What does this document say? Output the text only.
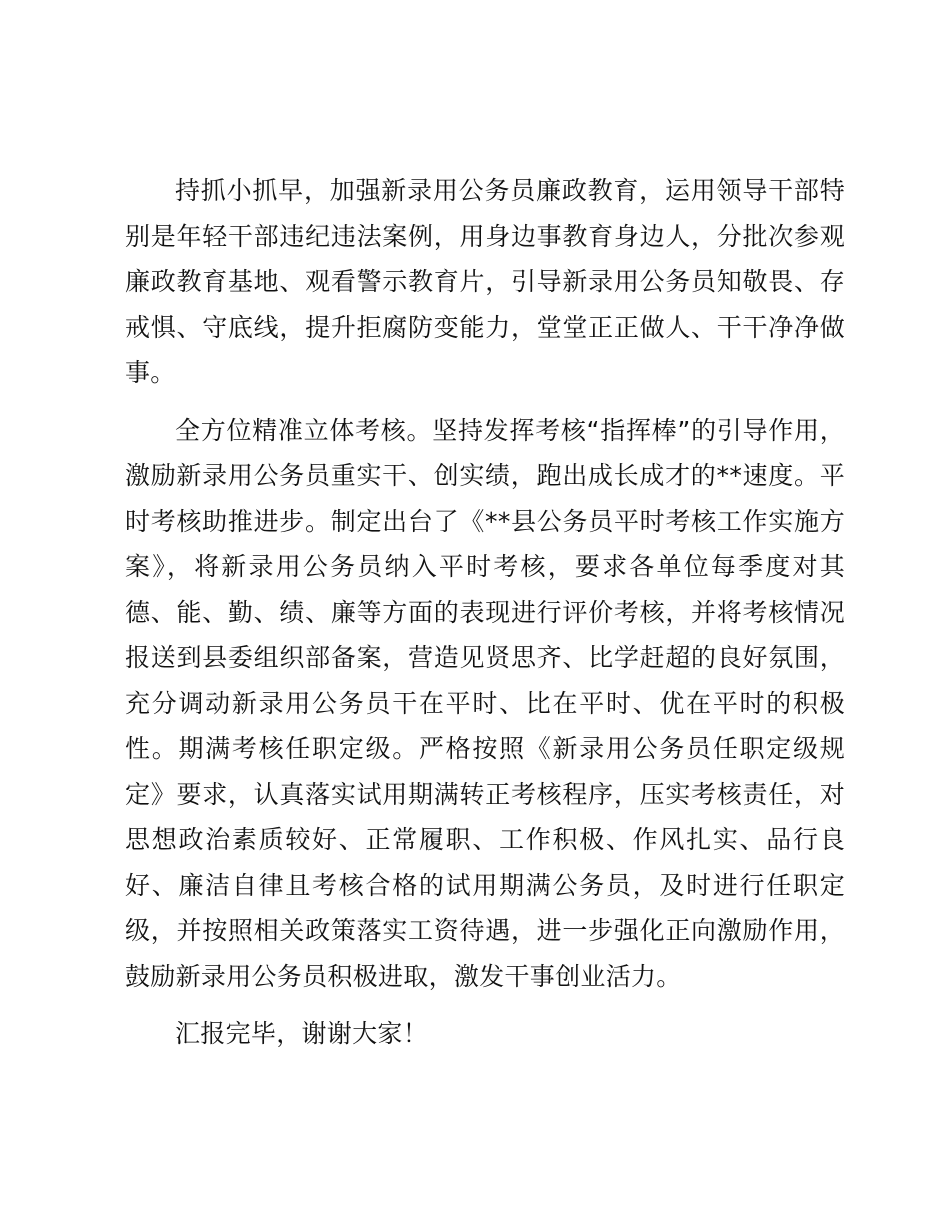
持抓小抓早，加强新录用公务员廉政教育，运用领导干部特别是年轻干部违纪违法案例，用身边事教育身边人，分批次参观廉政教育基地、观看警示教育片，引导新录用公务员知敬畏、存戒惧、守底线，提升拒腐防变能力，堂堂正正做人、干干净净做事。

全方位精准立体考核。坚持发挥考核“指挥棒”的引导作用，激励新录用公务员重实干、创实绩，跑出成长成才的**速度。平时考核助推进步。制定出台了《**县公务员平时考核工作实施方案》，将新录用公务员纳入平时考核，要求各单位每季度对其德、能、勤、绩、廉等方面的表现进行评价考核，并将考核情况报送到县委组织部备案，营造见贤思齐、比学赶超的良好氛围，充分调动新录用公务员干在平时、比在平时、优在平时的积极性。期满考核任职定级。严格按照《新录用公务员任职定级规定》要求，认真落实试用期满转正考核程序，压实考核责任，对思想政治素质较好、正常履职、工作积极、作风扎实、品行良好、廉洁自律且考核合格的试用期满公务员，及时进行任职定级，并按照相关政策落实工资待遇，进一步强化正向激励作用，鼓励新录用公务员积极进取，激发干事创业活力。

汇报完毕，谢谢大家！
